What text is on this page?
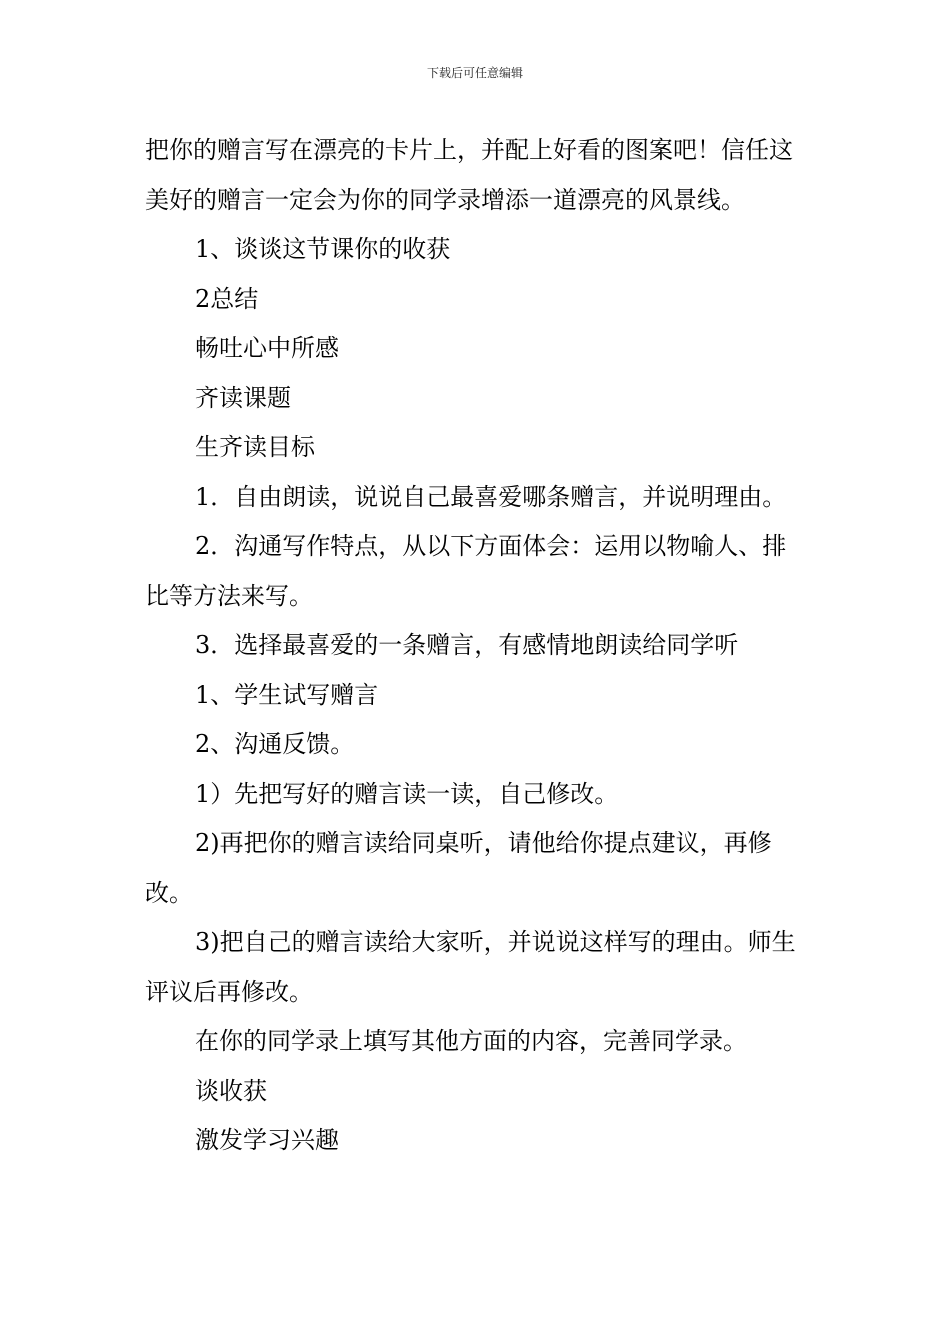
下载后可任意编辑

把你的赠言写在漂亮的卡片上，并配上好看的图案吧！信任这美好的赠言一定会为你的同学录增添一道漂亮的风景线。

1、谈谈这节课你的收获

2总结

畅吐心中所感

齐读课题

生齐读目标

1．自由朗读，说说自己最喜爱哪条赠言，并说明理由。

2．沟通写作特点，从以下方面体会：运用以物喻人、排比等方法来写。

3．选择最喜爱的一条赠言，有感情地朗读给同学听

1、学生试写赠言

2、沟通反馈。

1）先把写好的赠言读一读，自己修改。

2)再把你的赠言读给同桌听，请他给你提点建议，再修改。

3)把自己的赠言读给大家听，并说说这样写的理由。师生评议后再修改。

在你的同学录上填写其他方面的内容，完善同学录。

谈收获

激发学习兴趣
